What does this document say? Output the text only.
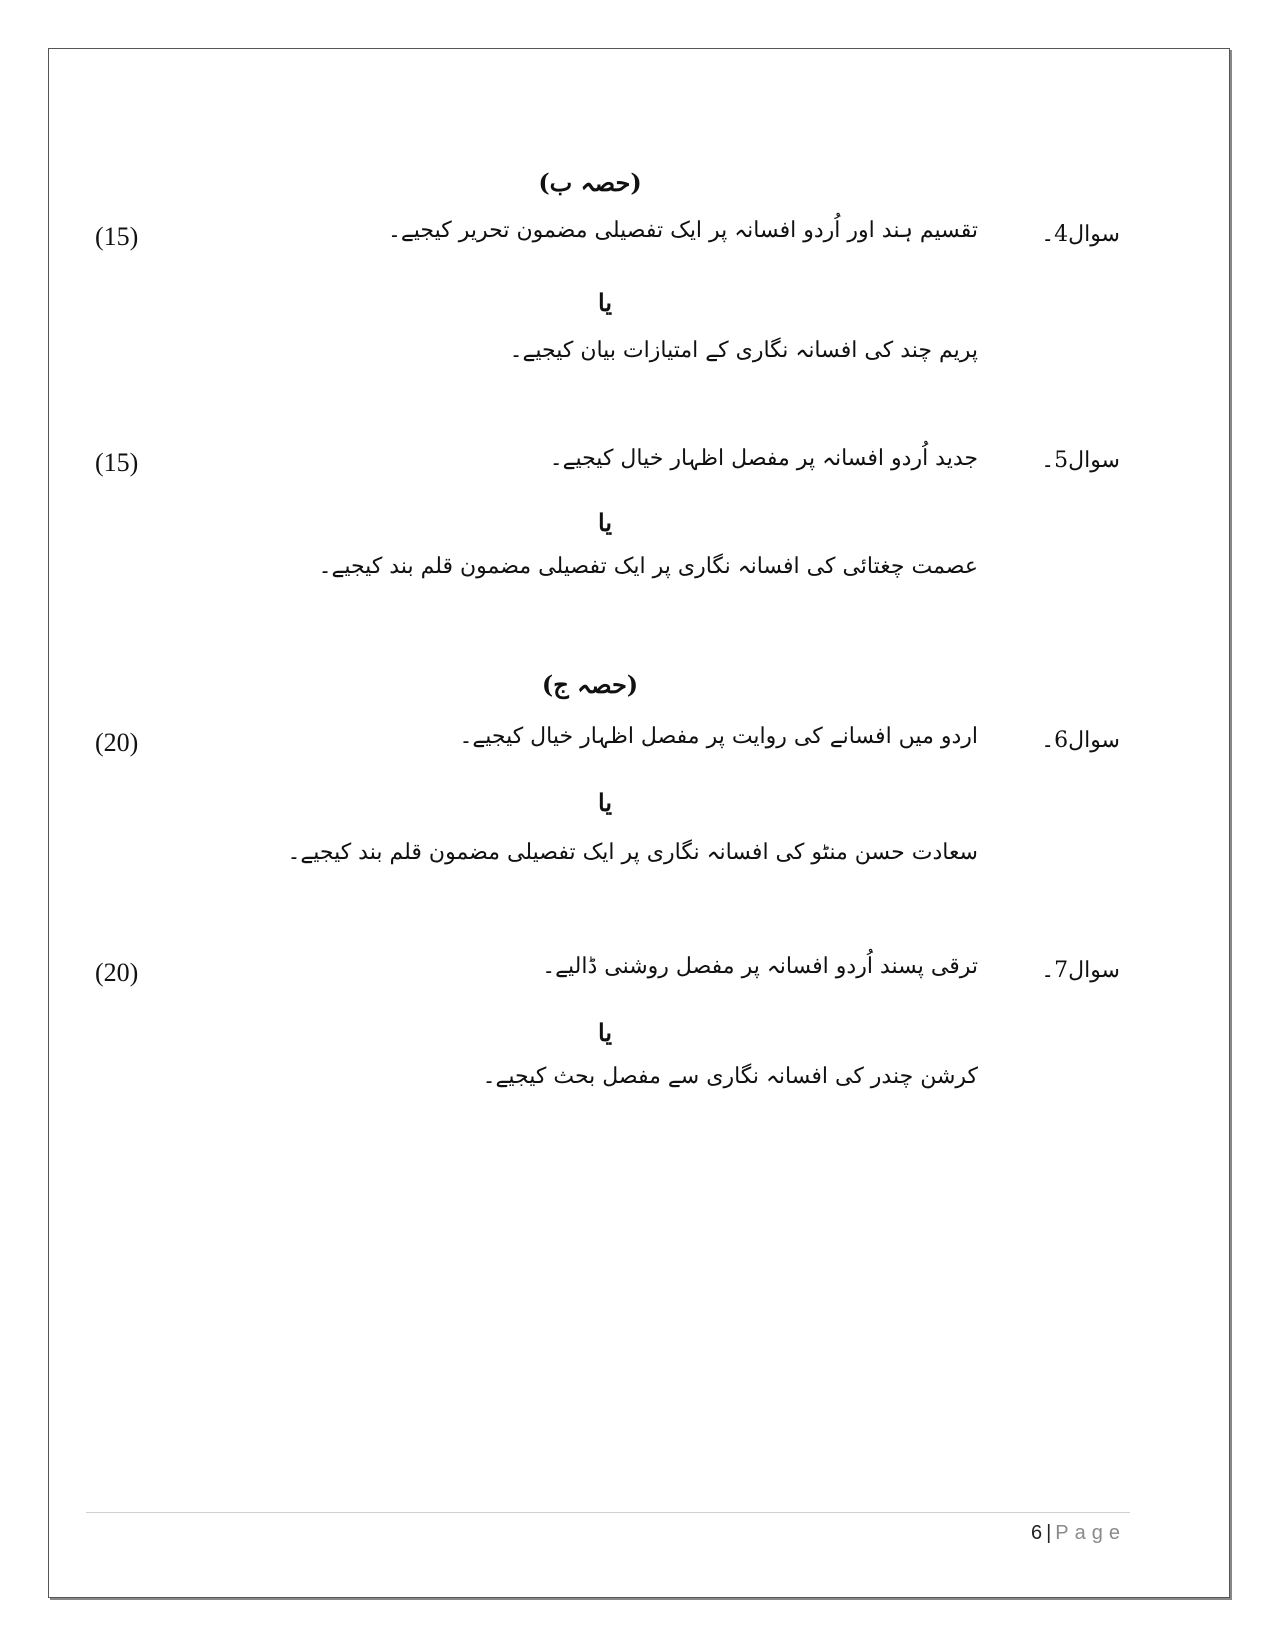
(حصہ ب)
سوال4۔
تقسیم ہند اور اُردو افسانہ پر ایک تفصیلی مضمون تحریر کیجیے۔
(15)
یا
پریم چند کی افسانہ نگاری کے امتیازات بیان کیجیے۔
سوال5۔
جدید اُردو افسانہ پر مفصل اظہار خیال کیجیے۔
(15)
یا
عصمت چغتائی کی افسانہ نگاری پر ایک تفصیلی مضمون قلم بند کیجیے۔
(حصہ ج)
سوال6۔
اردو میں افسانے کی روایت پر مفصل اظہار خیال کیجیے۔
(20)
یا
سعادت حسن منٹو کی افسانہ نگاری پر ایک تفصیلی مضمون قلم بند کیجیے۔
سوال7۔
ترقی پسند اُردو افسانہ پر مفصل روشنی ڈالیے۔
(20)
یا
کرشن چندر کی افسانہ نگاری سے مفصل بحث کیجیے۔
6 | Page
